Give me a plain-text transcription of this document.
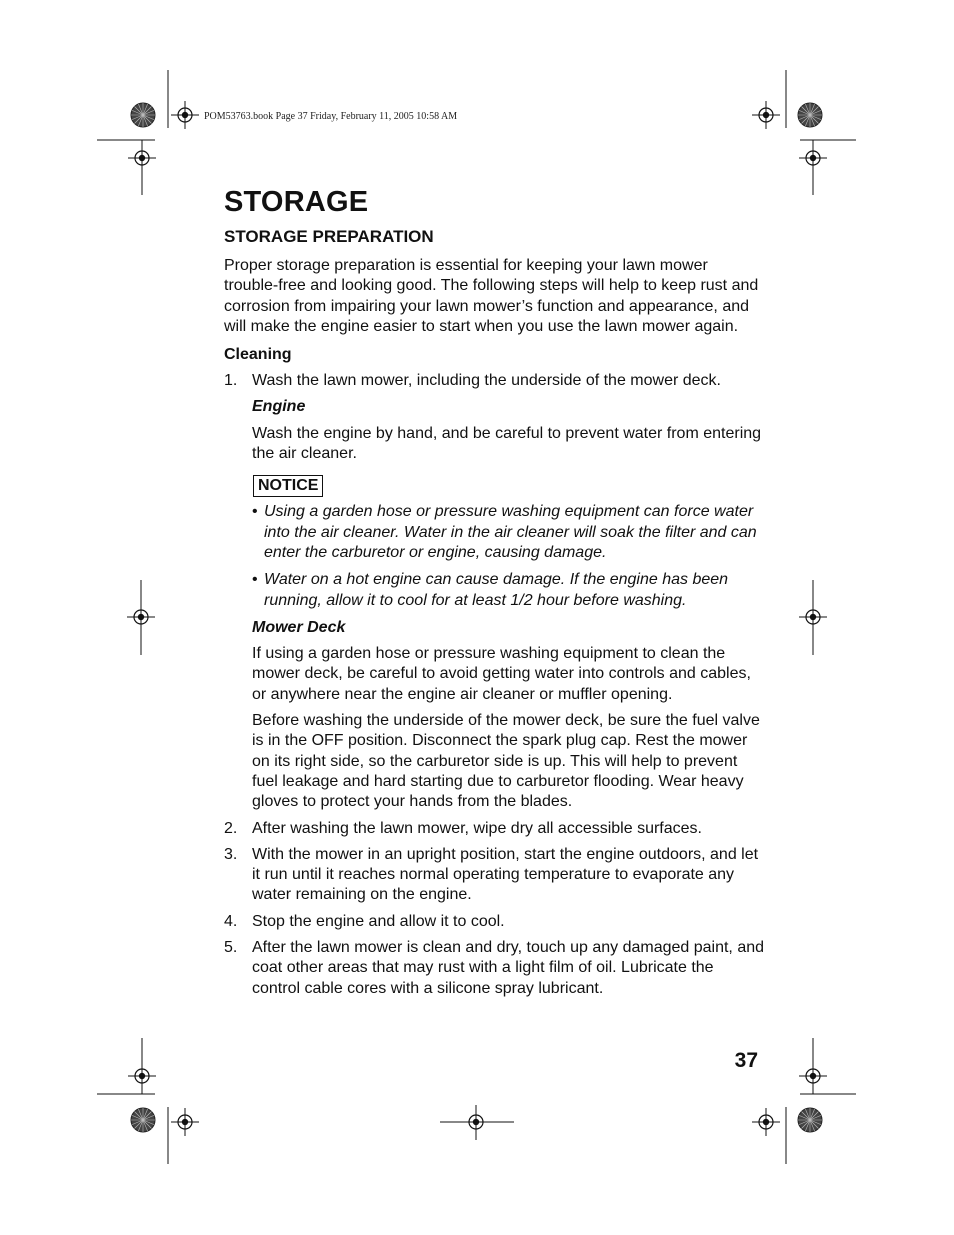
POM53763.book Page 37 Friday, February 11, 2005 10:58 AM
STORAGE
STORAGE PREPARATION

Proper storage preparation is essential for keeping your lawn mower trouble-free and looking good. The following steps will help to keep rust and corrosion from impairing your lawn mower’s function and appearance, and will make the engine easier to start when you use the lawn mower again.

Cleaning
1. Wash the lawn mower, including the underside of the mower deck.

Engine

Wash the engine by hand, and be careful to prevent water from entering the air cleaner.

NOTICE
• Using a garden hose or pressure washing equipment can force water into the air cleaner. Water in the air cleaner will soak the filter and can enter the carburetor or engine, causing damage.
• Water on a hot engine can cause damage. If the engine has been running, allow it to cool for at least 1/2 hour before washing.
Mower Deck

If using a garden hose or pressure washing equipment to clean the mower deck, be careful to avoid getting water into controls and cables, or anywhere near the engine air cleaner or muffler opening.

Before washing the underside of the mower deck, be sure the fuel valve is in the OFF position. Disconnect the spark plug cap. Rest the mower on its right side, so the carburetor side is up. This will help to prevent fuel leakage and hard starting due to carburetor flooding. Wear heavy gloves to protect your hands from the blades.

2. After washing the lawn mower, wipe dry all accessible surfaces.

3. With the mower in an upright position, start the engine outdoors, and let it run until it reaches normal operating temperature to evaporate any water remaining on the engine.

4. Stop the engine and allow it to cool.

5. After the lawn mower is clean and dry, touch up any damaged paint, and coat other areas that may rust with a light film of oil. Lubricate the control cable cores with a silicone spray lubricant.

37
